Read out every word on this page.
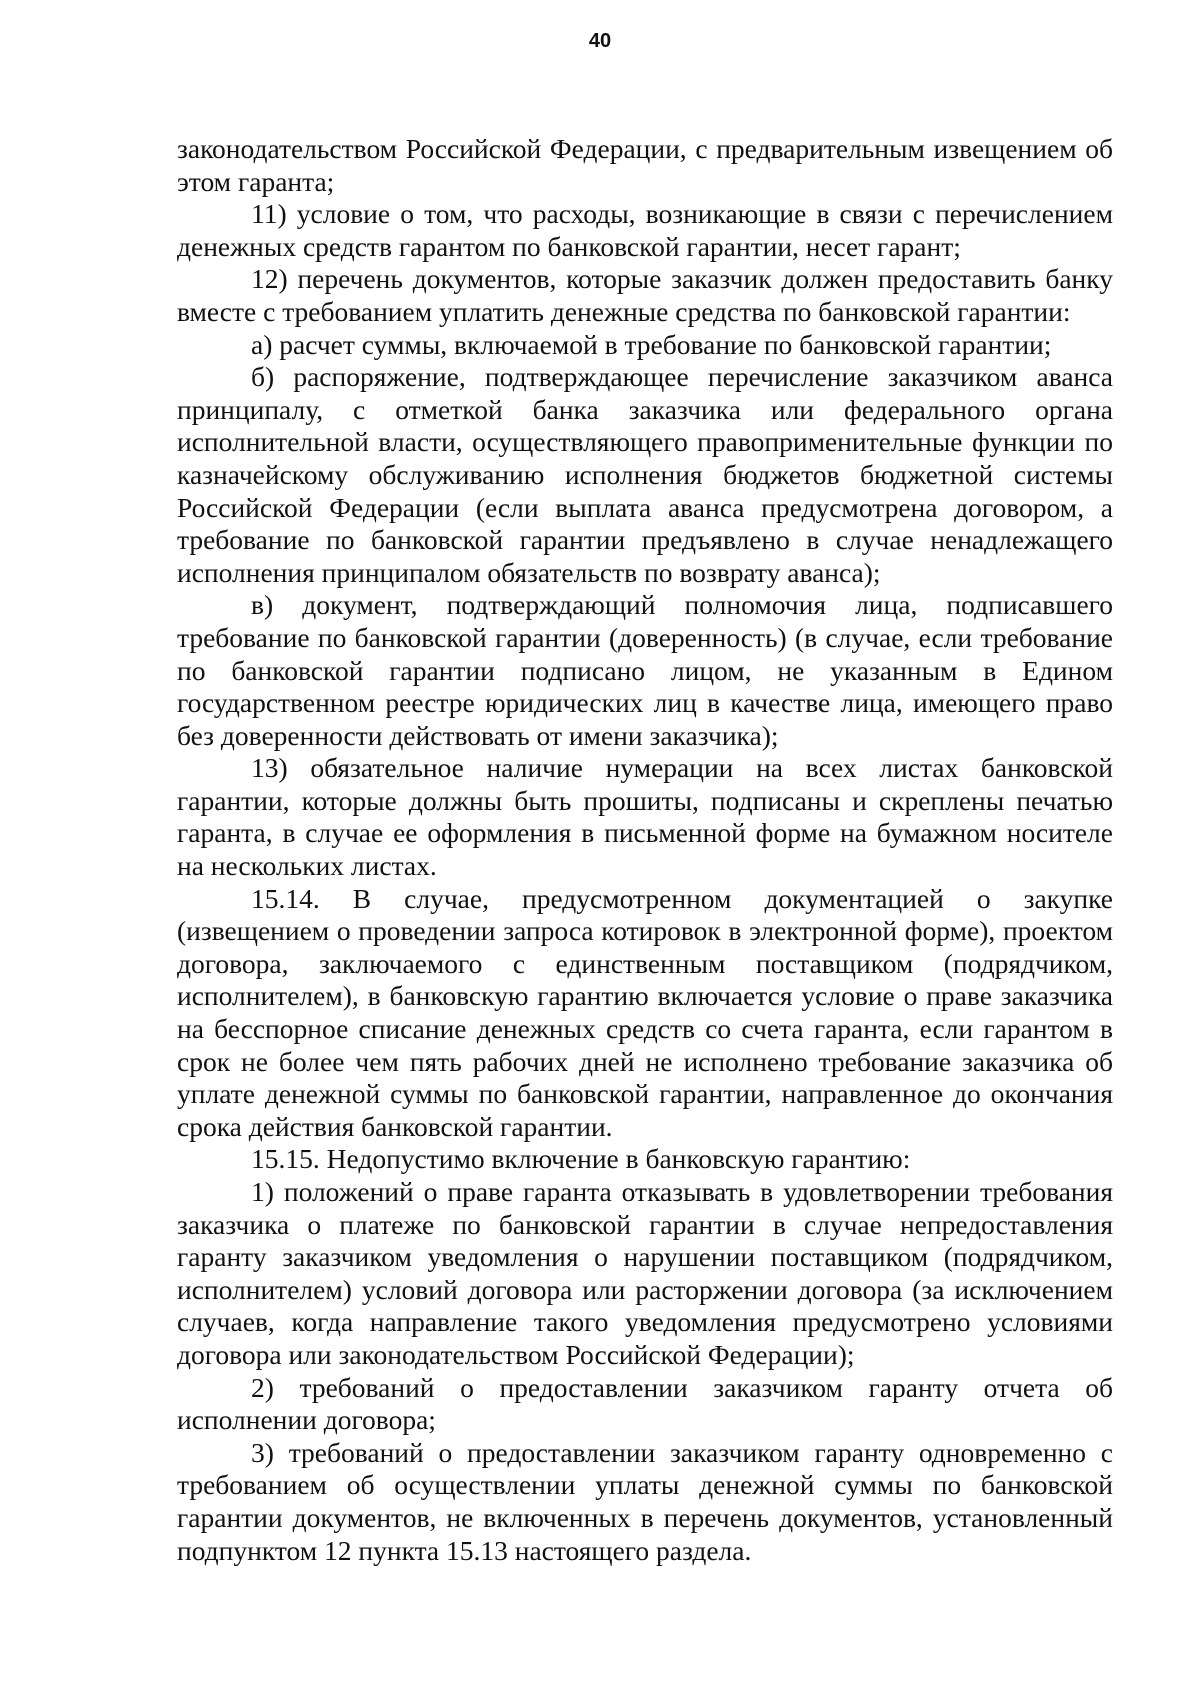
40

законодательством Российской Федерации, с предварительным извещением об этом гаранта;

11) условие о том, что расходы, возникающие в связи с перечислением денежных средств гарантом по банковской гарантии, несет гарант;

12) перечень документов, которые заказчик должен предоставить банку вместе с требованием уплатить денежные средства по банковской гарантии:

а) расчет суммы, включаемой в требование по банковской гарантии;

б) распоряжение, подтверждающее перечисление заказчиком аванса принципалу, с отметкой банка заказчика или федерального органа исполнительной власти, осуществляющего правоприменительные функции по казначейскому обслуживанию исполнения бюджетов бюджетной системы Российской Федерации (если выплата аванса предусмотрена договором, а требование по банковской гарантии предъявлено в случае ненадлежащего исполнения принципалом обязательств по возврату аванса);

в) документ, подтверждающий полномочия лица, подписавшего требование по банковской гарантии (доверенность) (в случае, если требование по банковской гарантии подписано лицом, не указанным в Едином государственном реестре юридических лиц в качестве лица, имеющего право без доверенности действовать от имени заказчика);

13) обязательное наличие нумерации на всех листах банковской гарантии, которые должны быть прошиты, подписаны и скреплены печатью гаранта, в случае ее оформления в письменной форме на бумажном носителе на нескольких листах.

15.14. В случае, предусмотренном документацией о закупке (извещением о проведении запроса котировок в электронной форме), проектом договора, заключаемого с единственным поставщиком (подрядчиком, исполнителем), в банковскую гарантию включается условие о праве заказчика на бесспорное списание денежных средств со счета гаранта, если гарантом в срок не более чем пять рабочих дней не исполнено требование заказчика об уплате денежной суммы по банковской гарантии, направленное до окончания срока действия банковской гарантии.

15.15. Недопустимо включение в банковскую гарантию:

1) положений о праве гаранта отказывать в удовлетворении требования заказчика о платеже по банковской гарантии в случае непредоставления гаранту заказчиком уведомления о нарушении поставщиком (подрядчиком, исполнителем) условий договора или расторжении договора (за исключением случаев, когда направление такого уведомления предусмотрено условиями договора или законодательством Российской Федерации);

2) требований о предоставлении заказчиком гаранту отчета об исполнении договора;

3) требований о предоставлении заказчиком гаранту одновременно с требованием об осуществлении уплаты денежной суммы по банковской гарантии документов, не включенных в перечень документов, установленный подпунктом 12 пункта 15.13 настоящего раздела.
